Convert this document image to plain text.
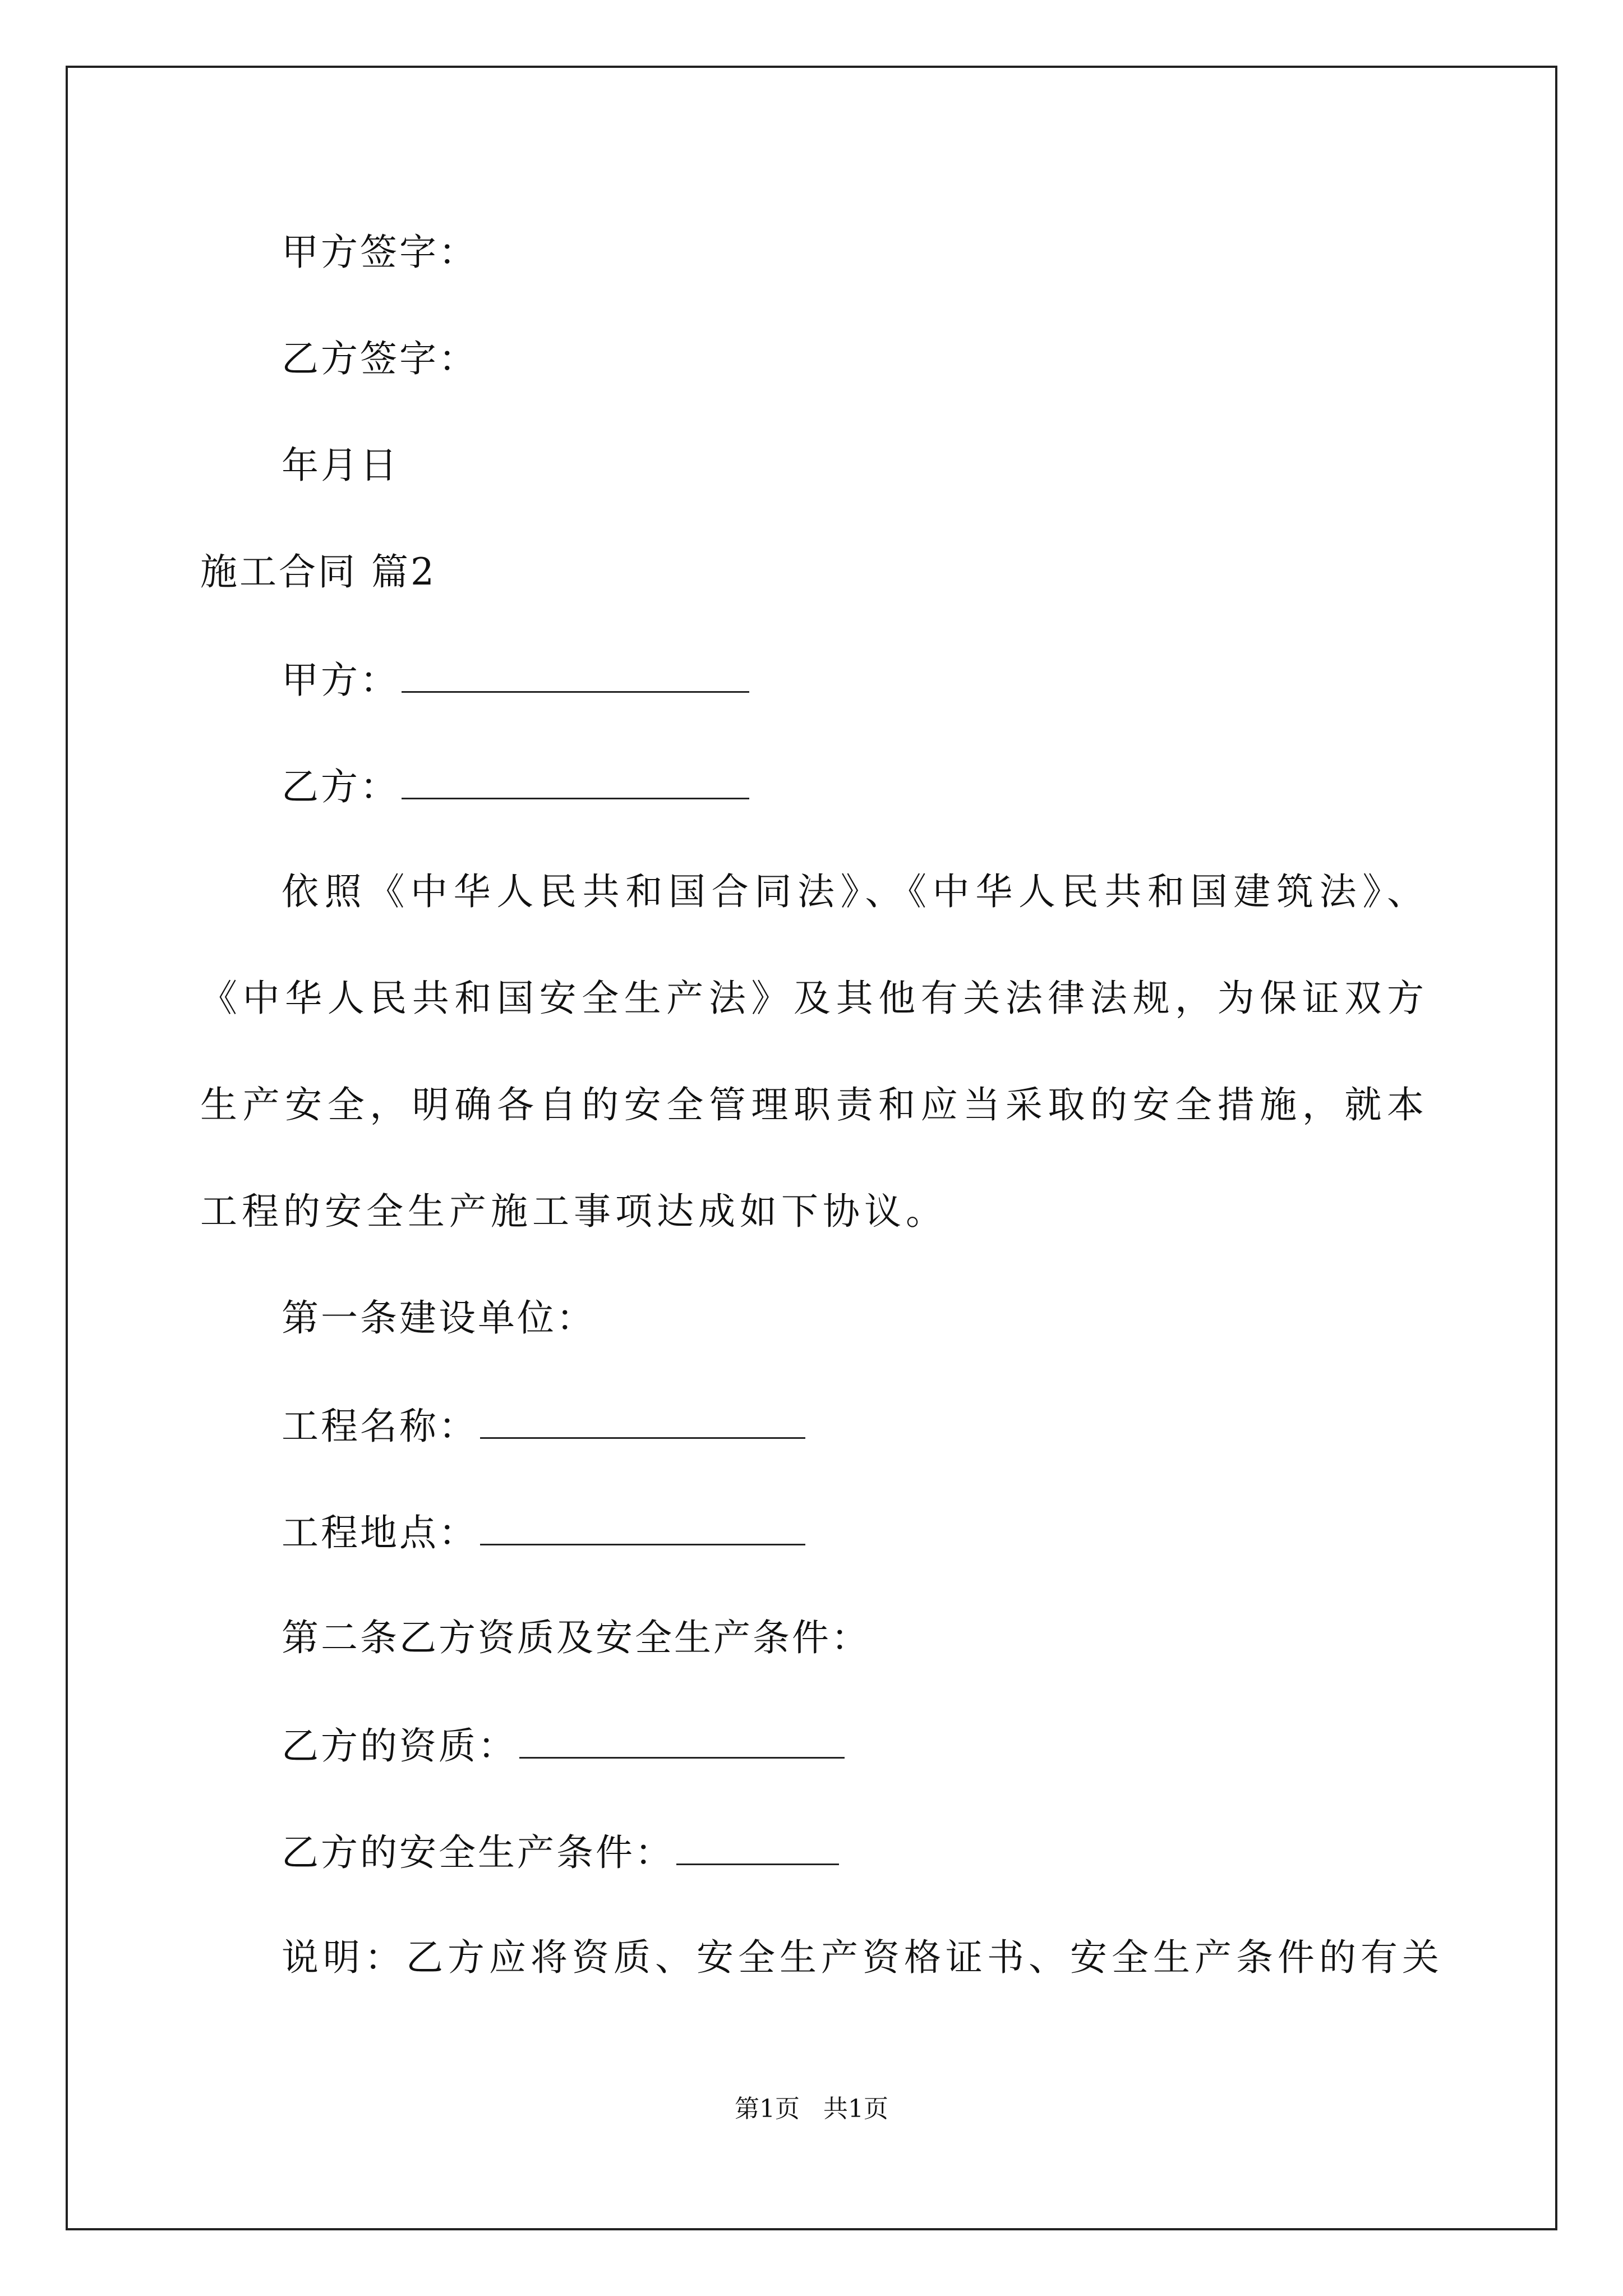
甲方签字：
乙方签字：
年月日
施工合同 篇2
甲方：
乙方：

依照《中华人民共和国合同法》、《中华人民共和国建筑法》、《中华人民共和国安全生产法》及其他有关法律法规，为保证双方生产安全，明确各自的安全管理职责和应当采取的安全措施，就本工程的安全生产施工事项达成如下协议。

第一条建设单位：
工程名称：
工程地点：
第二条乙方资质及安全生产条件：
乙方的资质：
乙方的安全生产条件：
说明：乙方应将资质、安全生产资格证书、安全生产条件的有关
第1页 共1页
